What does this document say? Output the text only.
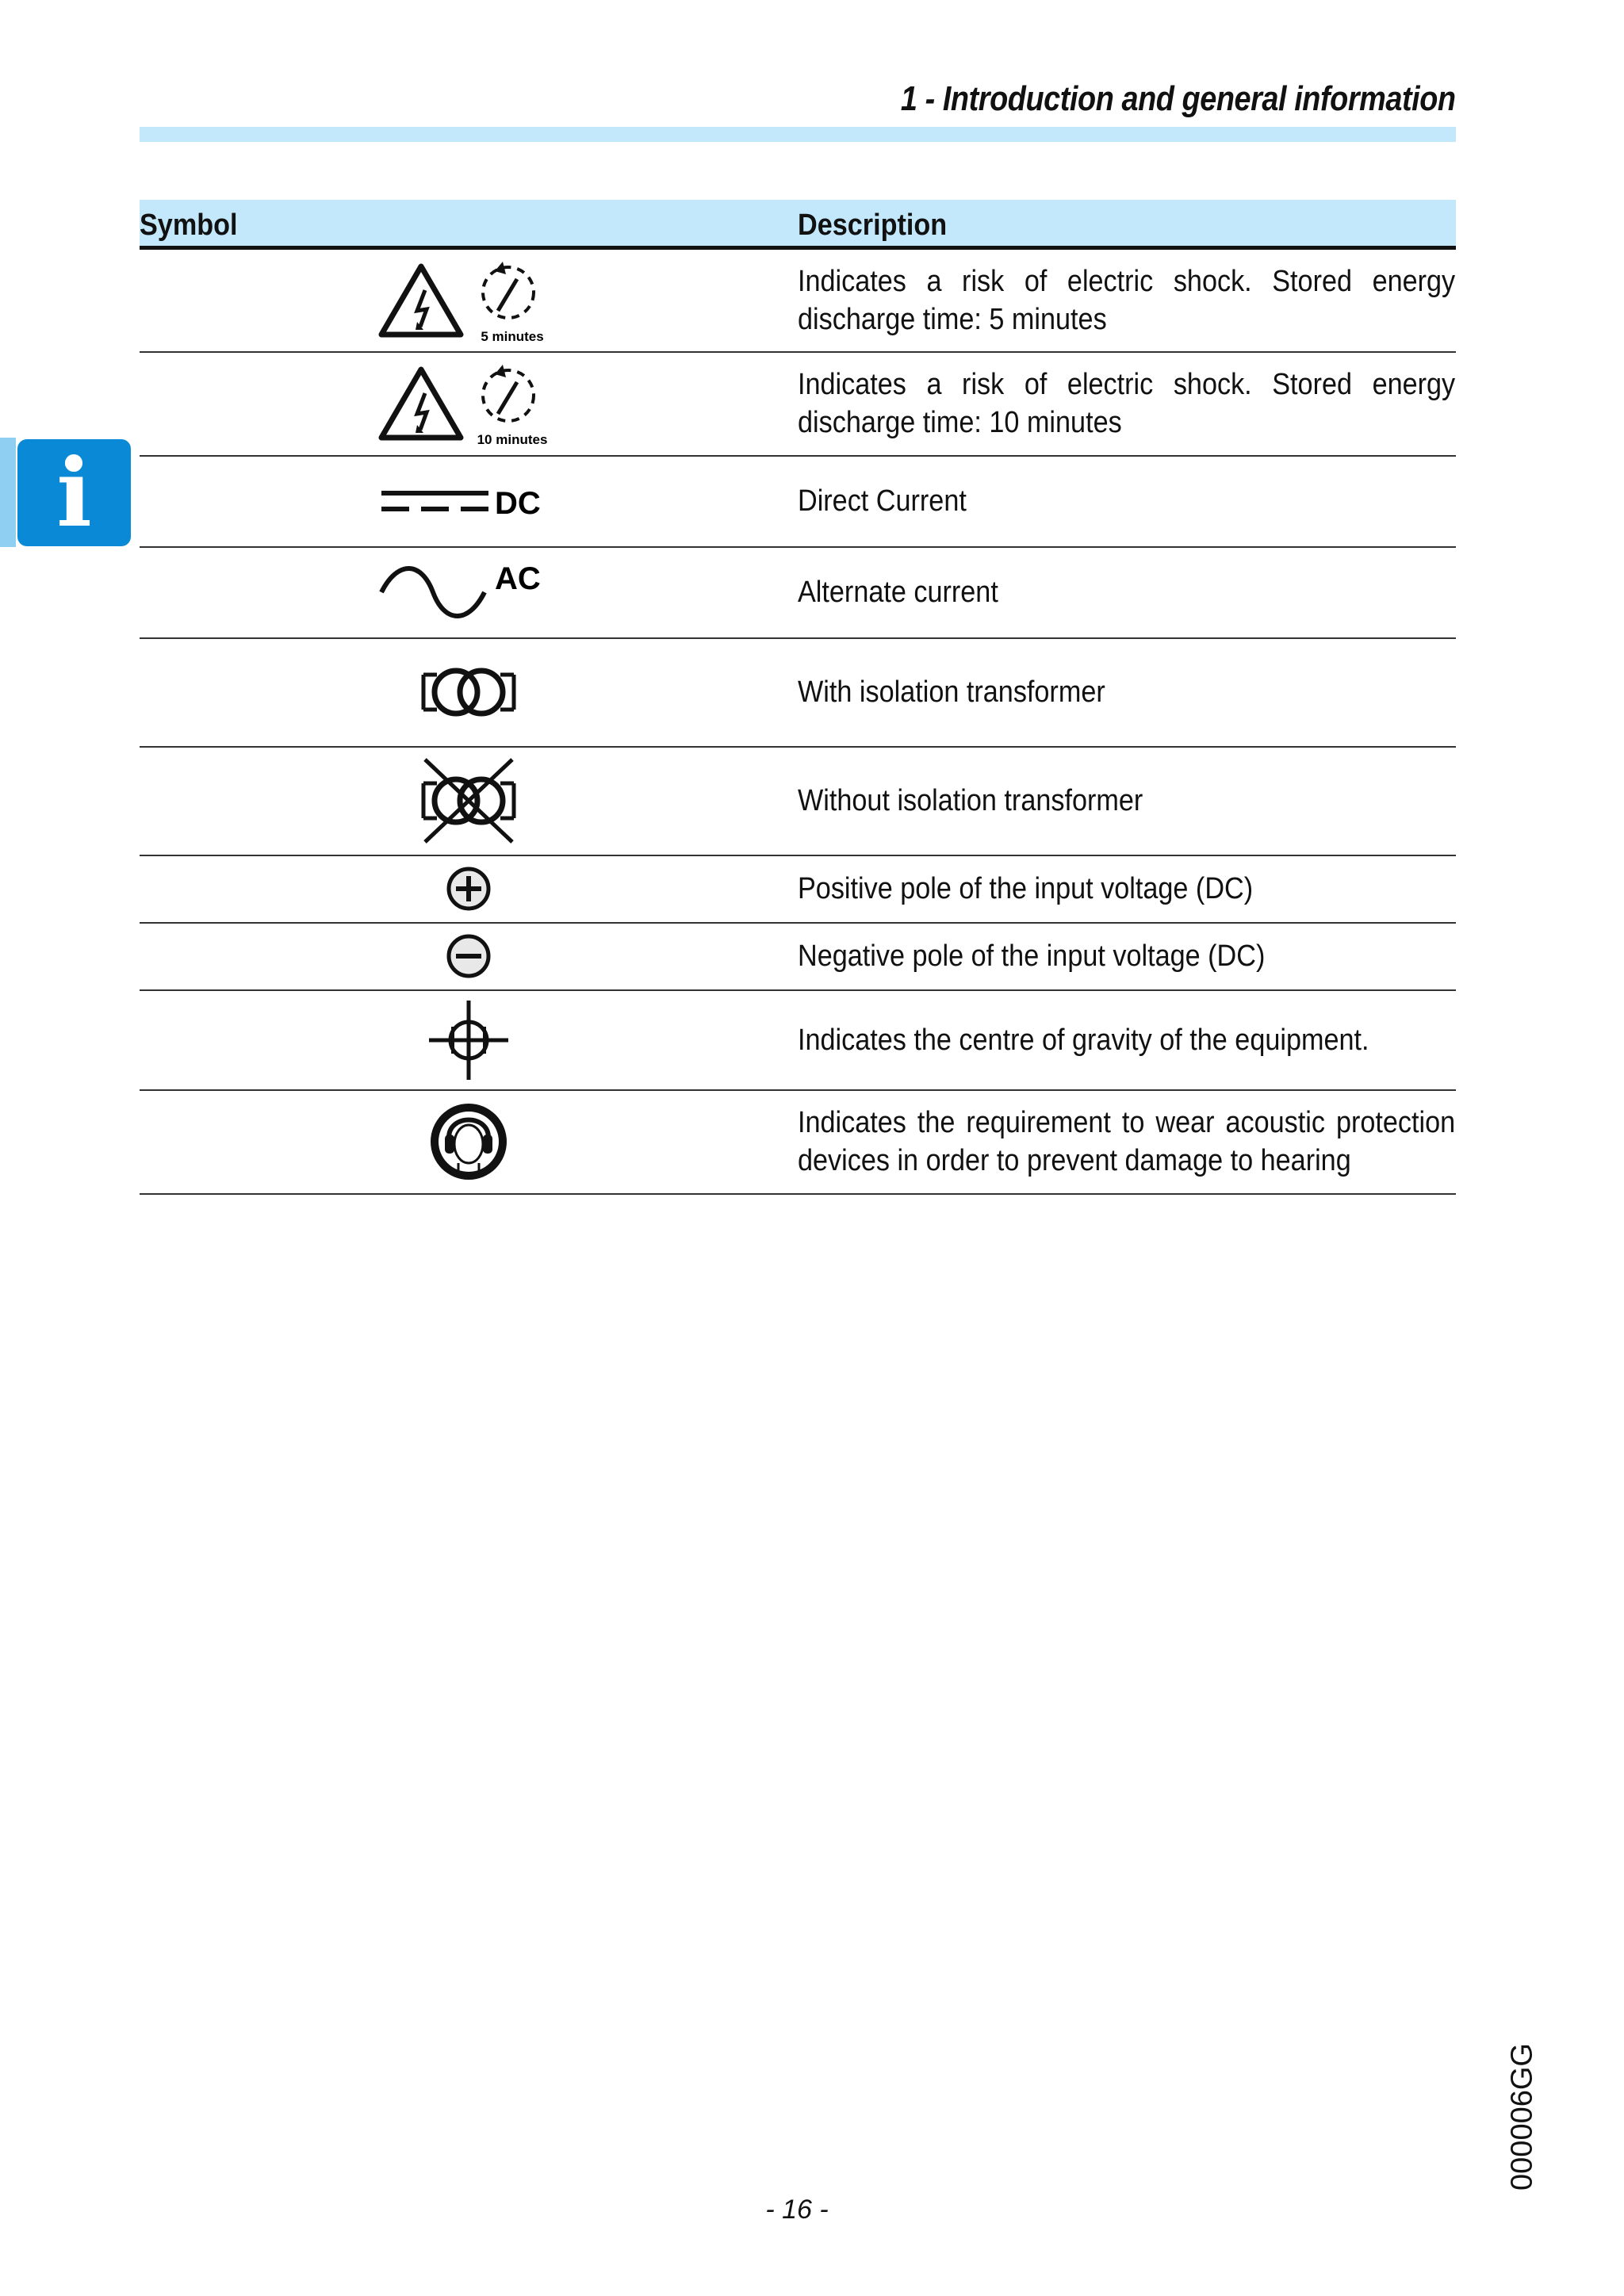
1 - Introduction and general information
i
Symbol	Description

5 minutes	Indicates a risk of electric shock. Stored energy discharge time: 5 minutes

10 minutes	Indicates a risk of electric shock. Stored energy discharge time: 10 minutes

DC	Direct Current

AC	Alternate current

With isolation transformer

Without isolation transformer

Positive pole of the input voltage (DC)

Negative pole of the input voltage (DC)

Indicates the centre of gravity of the equipment.

Indicates the requirement to wear acoustic protection devices in order to prevent damage to hearing
- 16 -
000006GG
